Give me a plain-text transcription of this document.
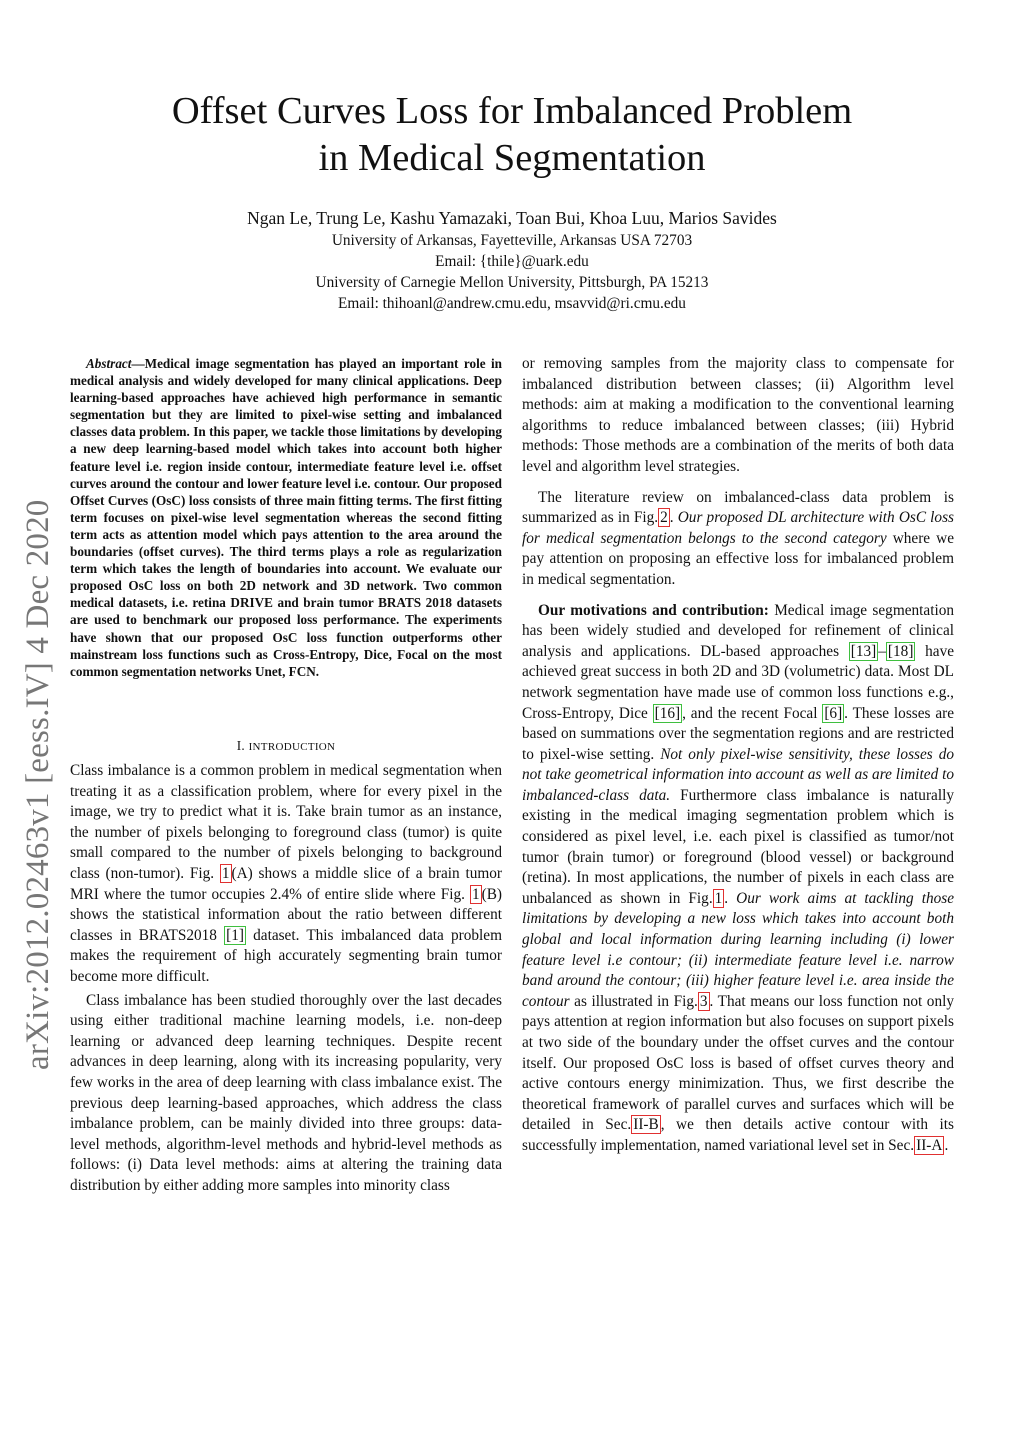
Offset Curves Loss for Imbalanced Problem
in Medical Segmentation
Ngan Le, Trung Le, Kashu Yamazaki, Toan Bui, Khoa Luu, Marios Savides
University of Arkansas, Fayetteville, Arkansas USA 72703
Email: {thile}@uark.edu
University of Carnegie Mellon University, Pittsburgh, PA 15213
Email: thihoanl@andrew.cmu.edu, msavvid@ri.cmu.edu
arXiv:2012.02463v1 [eess.IV] 4 Dec 2020
Abstract—Medical image segmentation has played an important role in medical analysis and widely developed for many clinical applications. Deep learning-based approaches have achieved high performance in semantic segmentation but they are limited to pixel-wise setting and imbalanced classes data problem. In this paper, we tackle those limitations by developing a new deep learning-based model which takes into account both higher feature level i.e. region inside contour, intermediate feature level i.e. offset curves around the contour and lower feature level i.e. contour. Our proposed Offset Curves (OsC) loss consists of three main fitting terms. The first fitting term focuses on pixel-wise level segmentation whereas the second fitting term acts as attention model which pays attention to the area around the boundaries (offset curves). The third terms plays a role as regularization term which takes the length of boundaries into account. We evaluate our proposed OsC loss on both 2D network and 3D network. Two common medical datasets, i.e. retina DRIVE and brain tumor BRATS 2018 datasets are used to benchmark our proposed loss performance. The experiments have shown that our proposed OsC loss function outperforms other mainstream loss functions such as Cross-Entropy, Dice, Focal on the most common segmentation networks Unet, FCN.
I. INTRODUCTION

Class imbalance is a common problem in medical segmentation when treating it as a classification problem, where for every pixel in the image, we try to predict what it is. Take brain tumor as an instance, the number of pixels belonging to foreground class (tumor) is quite small compared to the number of pixels belonging to background class (non-tumor). Fig. 1 (A) shows a middle slice of a brain tumor MRI where the tumor occupies 2.4% of entire slide where Fig. 1 (B) shows the statistical information about the ratio between different classes in BRATS2018 [1] dataset. This imbalanced data problem makes the requirement of high accurately segmenting brain tumor become more difficult.

Class imbalance has been studied thoroughly over the last decades using either traditional machine learning models, i.e. non-deep learning or advanced deep learning techniques. Despite recent advances in deep learning, along with its increasing popularity, very few works in the area of deep learning with class imbalance exist. The previous deep learning-based approaches, which address the class imbalance problem, can be mainly divided into three groups: data-level methods, algorithm-level methods and hybrid-level methods as follows: (i) Data level methods: aims at altering the training data distribution by either adding more samples into minority class

or removing samples from the majority class to compensate for imbalanced distribution between classes; (ii) Algorithm level methods: aim at making a modification to the conventional learning algorithms to reduce imbalanced between classes; (iii) Hybrid methods: Those methods are a combination of the merits of both data level and algorithm level strategies.

The literature review on imbalanced-class data problem is summarized as in Fig. 2 . Our proposed DL architecture with OsC loss for medical segmentation belongs to the second category where we pay attention on proposing an effective loss for imbalanced problem in medical segmentation.

Our motivations and contribution: Medical image segmentation has been widely studied and developed for refinement of clinical analysis and applications. DL-based approaches [13] – [18] have achieved great success in both 2D and 3D (volumetric) data. Most DL network segmentation have made use of common loss functions e.g., Cross-Entropy, Dice [16] , and the recent Focal [6] . These losses are based on summations over the segmentation regions and are restricted to pixel-wise setting. Not only pixel-wise sensitivity, these losses do not take geometrical information into account as well as are limited to imbalanced-class data. Furthermore class imbalance is naturally existing in the medical imaging segmentation problem which is considered as pixel level, i.e. each pixel is classified as tumor/not tumor (brain tumor) or foreground (blood vessel) or background (retina). In most applications, the number of pixels in each class are unbalanced as shown in Fig. 1 . Our work aims at tackling those limitations by developing a new loss which takes into account both global and local information during learning including (i) lower feature level i.e contour; (ii) intermediate feature level i.e. narrow band around the contour; (iii) higher feature level i.e. area inside the contour as illustrated in Fig. 3 . That means our loss function not only pays attention at region information but also focuses on support pixels at two side of the boundary under the offset curves and the contour itself. Our proposed OsC loss is based of offset curves theory and active contours energy minimization. Thus, we first describe the theoretical framework of parallel curves and surfaces which will be detailed in Sec. II-B , we then details active contour with its successfully implementation, named variational level set in Sec. II-A .
